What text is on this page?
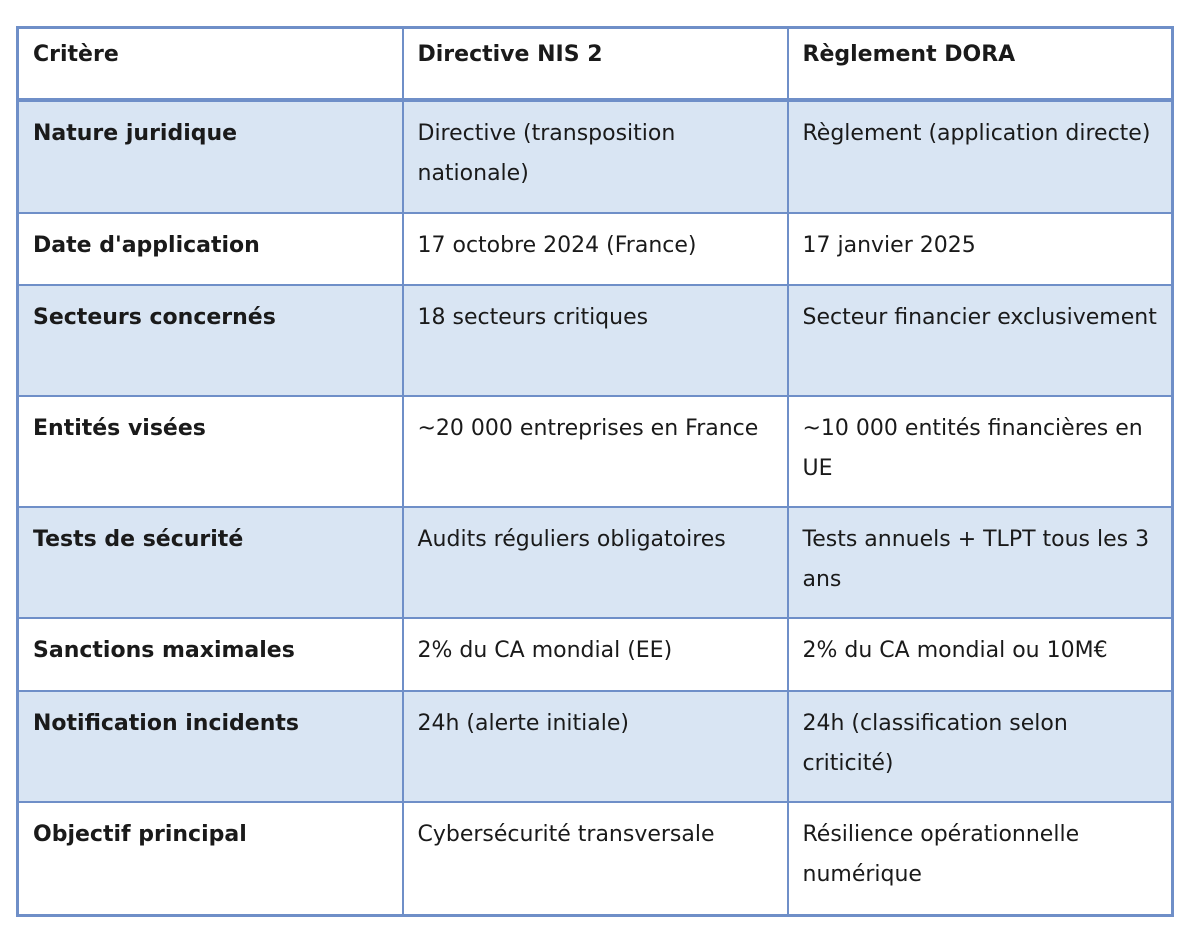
Critère	Directive NIS 2	Règlement DORA
Nature juridique	Directive (transposition nationale)	Règlement (application directe)
Date d'application	17 octobre 2024 (France)	17 janvier 2025
Secteurs concernés	18 secteurs critiques	Secteur financier exclusivement
Entités visées	~20 000 entreprises en France	~10 000 entités financières en UE
Tests de sécurité	Audits réguliers obligatoires	Tests annuels + TLPT tous les 3 ans
Sanctions maximales	2% du CA mondial (EE)	2% du CA mondial ou 10M€
Notification incidents	24h (alerte initiale)	24h (classification selon criticité)
Objectif principal	Cybersécurité transversale	Résilience opérationnelle numérique
